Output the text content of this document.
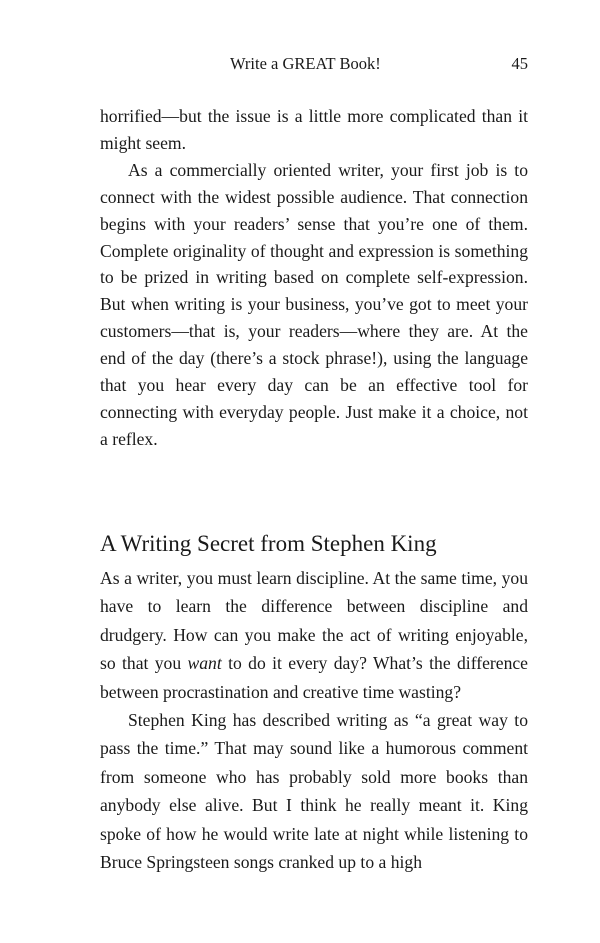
Write a GREAT Book!	45

horrified—but the issue is a little more complicated than it might seem.

As a commercially oriented writer, your first job is to connect with the widest possible audience. That connection begins with your readers’ sense that you’re one of them. Complete originality of thought and expression is something to be prized in writing based on complete self-expression. But when writing is your business, you’ve got to meet your customers—that is, your readers—where they are. At the end of the day (there’s a stock phrase!), using the language that you hear every day can be an effective tool for connecting with everyday people. Just make it a choice, not a reflex.

A Writing Secret from Stephen King

As a writer, you must learn discipline. At the same time, you have to learn the difference between discipline and drudgery. How can you make the act of writing enjoyable, so that you want to do it every day? What’s the difference between procrastination and creative time wasting?

Stephen King has described writing as “a great way to pass the time.” That may sound like a humorous comment from someone who has probably sold more books than anybody else alive. But I think he really meant it. King spoke of how he would write late at night while listening to Bruce Springsteen songs cranked up to a high
